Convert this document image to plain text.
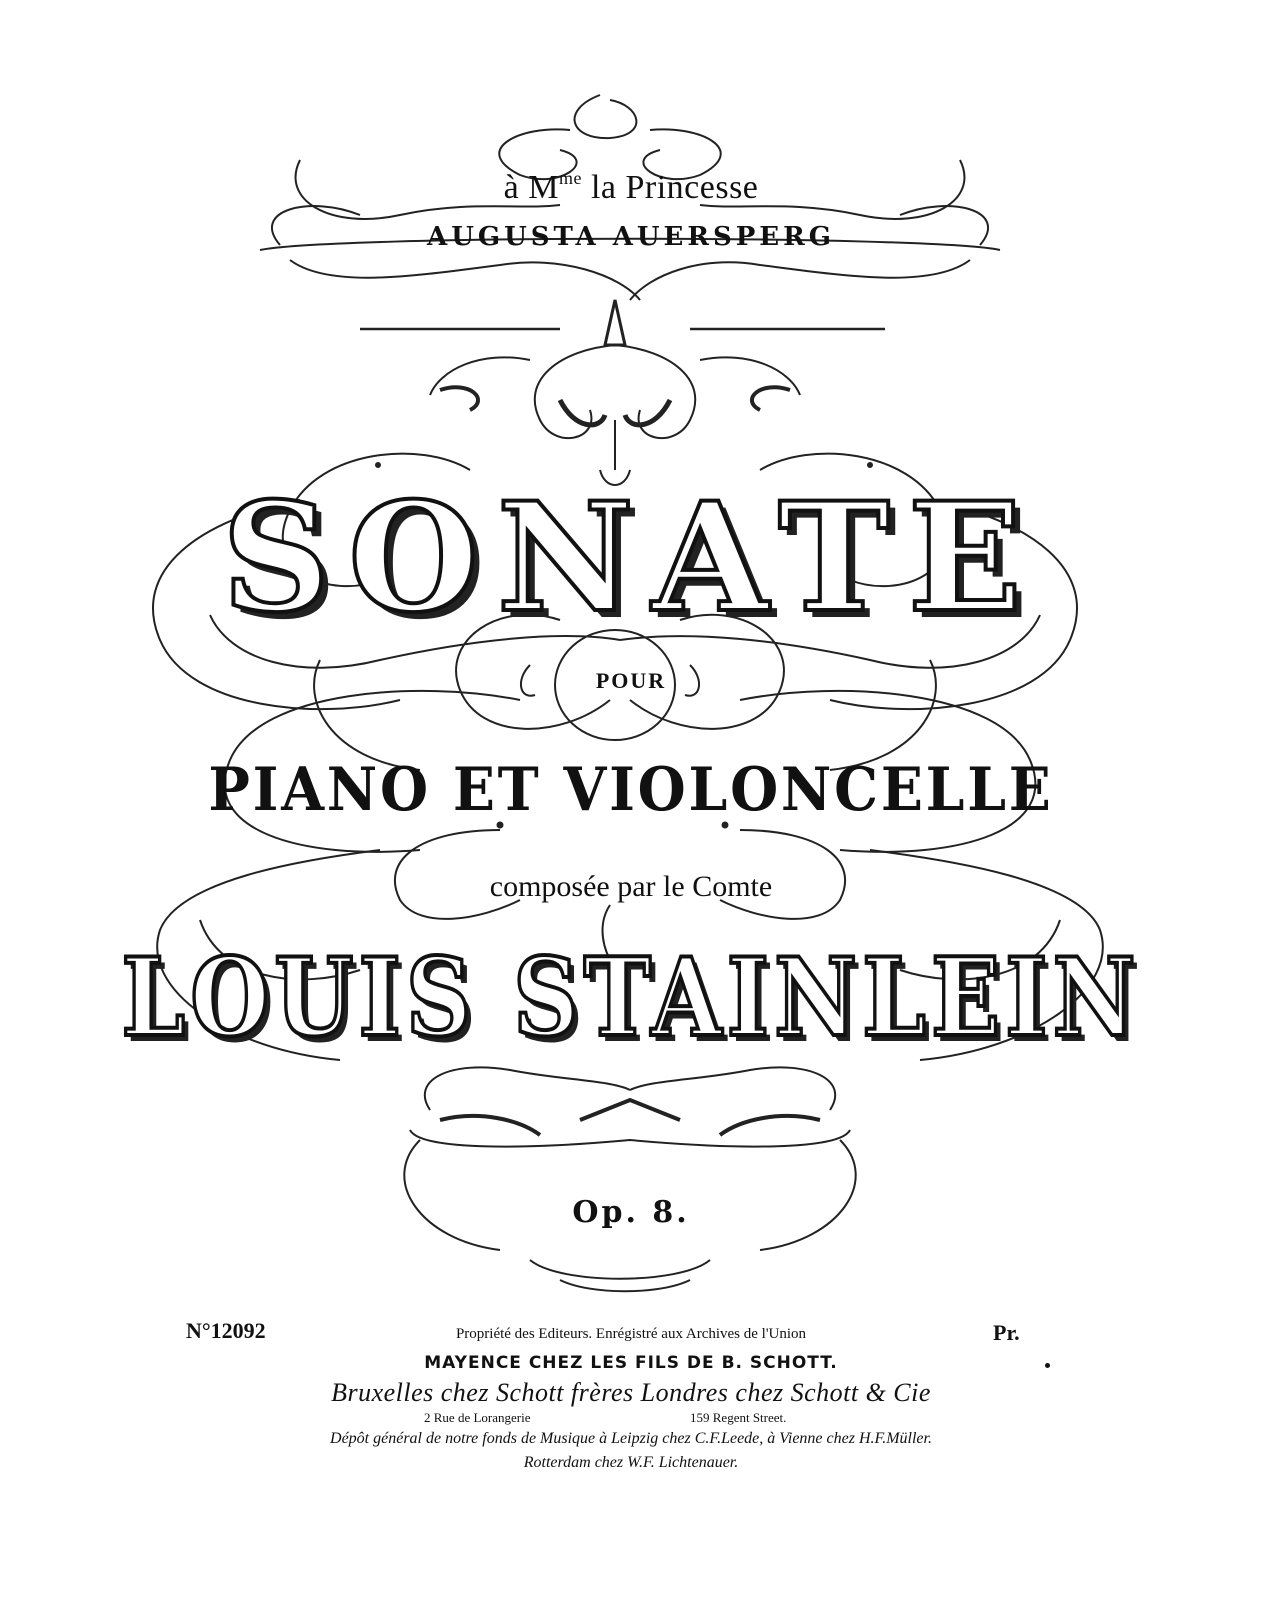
à $M^{me}$ la Princesse
AUGUSTA AUERSPERG
SONATE
POUR
PIANO ET VIOLONCELLE
composée par le Comte
LOUIS STAINLEIN
Op. 8.
N°12092	Pr.
Propriété des Editeurs. Enrégistré aux Archives de l'Union
MAYENCE CHEZ LES FILS DE B. SCHOTT.
Bruxelles chez Schott frères Londres chez Schott & Cie
2 Rue de Lorangerie	159 Regent Street.
Dépôt général de notre fonds de Musique à Leipzig chez C.F.Leede, à Vienne chez H.F.Müller.
Rotterdam chez W.F. Lichtenauer.
